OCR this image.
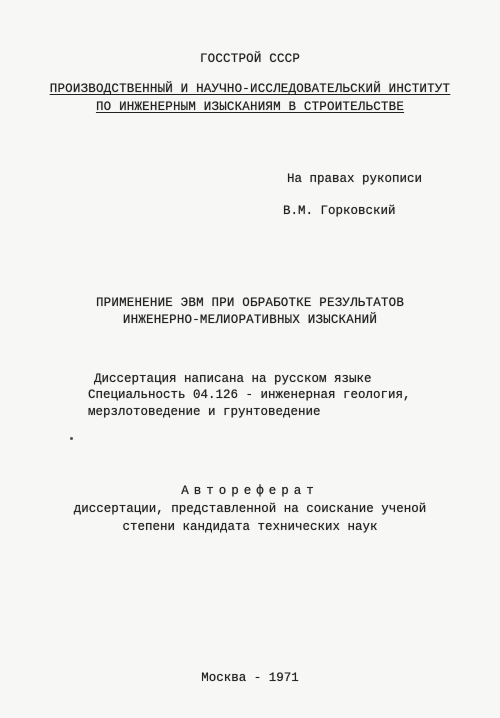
ГОССТРОЙ СССР
ПРОИЗВОДСТВЕННЫЙ И НАУЧНО-ИССЛЕДОВАТЕЛЬСКИЙ ИНСТИТУТ
ПО ИНЖЕНЕРНЫМ ИЗЫСКАНИЯМ В СТРОИТЕЛЬСТВЕ
На правах рукописи
В.М. Горковский
ПРИМЕНЕНИЕ ЭВМ ПРИ ОБРАБОТКЕ РЕЗУЛЬТАТОВ
ИНЖЕНЕРНО-МЕЛИОРАТИВНЫХ ИЗЫСКАНИЙ
Диссертация написана на русском языке
Специальность 04.126 - инженерная геология,
мерзлотоведение и грунтоведение
Автореферат
диссертации, представленной на соискание ученой
степени кандидата технических наук
Москва - 1971
